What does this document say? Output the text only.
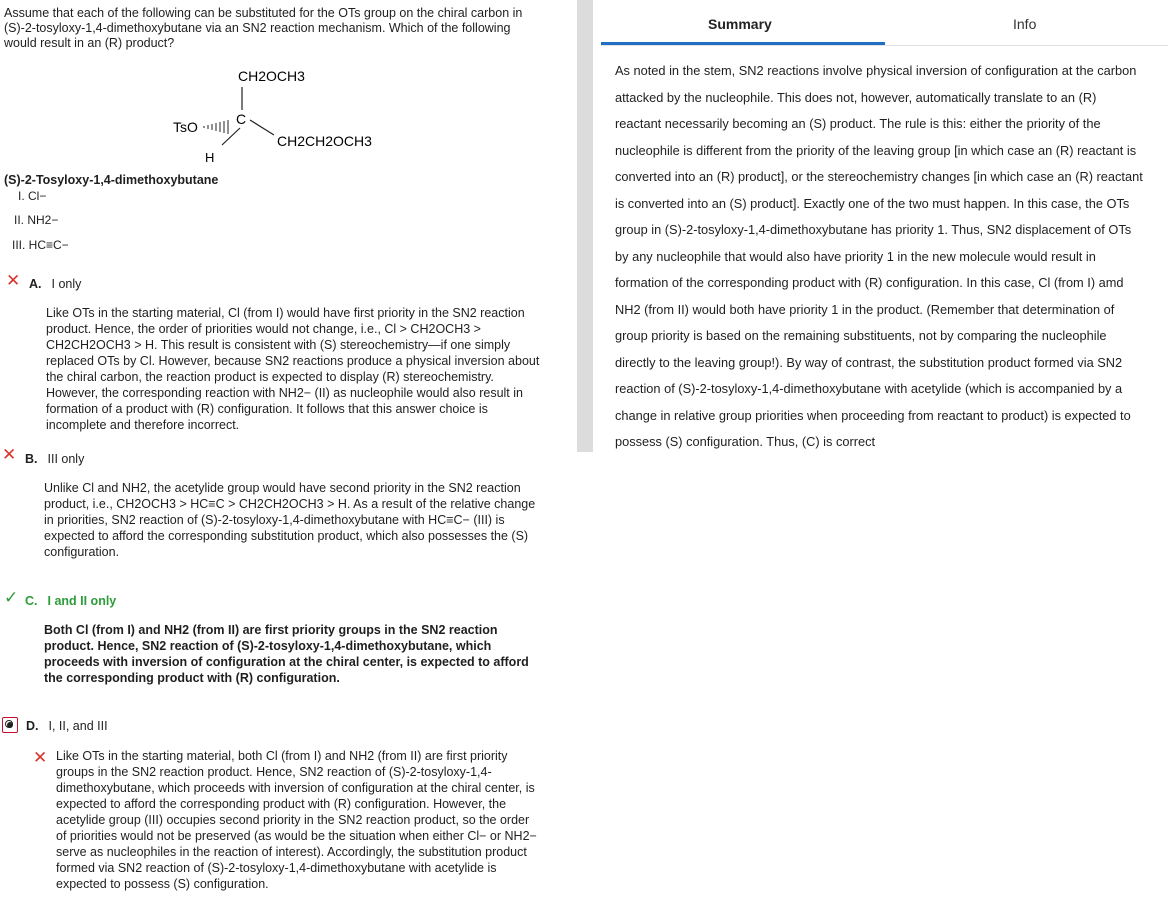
Assume that each of the following can be substituted for the OTs group on the chiral carbon in
(S)-2-tosyloxy-1,4-dimethoxybutane via an SN2 reaction mechanism. Which of the following
would result in an (R) product?
CH2OCH3
TsO	C
CH2CH2OCH3
H
(S)-2-Tosyloxy-1,4-dimethoxybutane
I. Cl−
II. NH2−
III. HC≡C−
✕ A. I only
Like OTs in the starting material, Cl (from I) would have first priority in the SN2 reaction
product. Hence, the order of priorities would not change, i.e., Cl > CH2OCH3 >
CH2CH2OCH3 > H. This result is consistent with (S) stereochemistry—if one simply
replaced OTs by Cl. However, because SN2 reactions produce a physical inversion about
the chiral carbon, the reaction product is expected to display (R) stereochemistry.
However, the corresponding reaction with NH2− (II) as nucleophile would also result in
formation of a product with (R) configuration. It follows that this answer choice is
incomplete and therefore incorrect.
✕ B. III only
Unlike Cl and NH2, the acetylide group would have second priority in the SN2 reaction
product, i.e., CH2OCH3 > HC≡C > CH2CH2OCH3 > H. As a result of the relative change
in priorities, SN2 reaction of (S)-2-tosyloxy-1,4-dimethoxybutane with HC≡C− (III) is
expected to afford the corresponding substitution product, which also possesses the (S)
configuration.
✓ C. I and II only
Both Cl (from I) and NH2 (from II) are first priority groups in the SN2 reaction
product. Hence, SN2 reaction of (S)-2-tosyloxy-1,4-dimethoxybutane, which
proceeds with inversion of configuration at the chiral center, is expected to afford
the corresponding product with (R) configuration.
D. I, II, and III
✕ Like OTs in the starting material, both Cl (from I) and NH2 (from II) are first priority
groups in the SN2 reaction product. Hence, SN2 reaction of (S)-2-tosyloxy-1,4-
dimethoxybutane, which proceeds with inversion of configuration at the chiral center, is
expected to afford the corresponding product with (R) configuration. However, the
acetylide group (III) occupies second priority in the SN2 reaction product, so the order
of priorities would not be preserved (as would be the situation when either Cl− or NH2−
serve as nucleophiles in the reaction of interest). Accordingly, the substitution product
formed via SN2 reaction of (S)-2-tosyloxy-1,4-dimethoxybutane with acetylide is
expected to possess (S) configuration.
Summary	Info
As noted in the stem, SN2 reactions involve physical inversion of configuration at the carbon
attacked by the nucleophile. This does not, however, automatically translate to an (R)
reactant necessarily becoming an (S) product. The rule is this: either the priority of the
nucleophile is different from the priority of the leaving group [in which case an (R) reactant is
converted into an (R) product], or the stereochemistry changes [in which case an (R) reactant
is converted into an (S) product]. Exactly one of the two must happen. In this case, the OTs
group in (S)-2-tosyloxy-1,4-dimethoxybutane has priority 1. Thus, SN2 displacement of OTs
by any nucleophile that would also have priority 1 in the new molecule would result in
formation of the corresponding product with (R) configuration. In this case, Cl (from I) amd
NH2 (from II) would both have priority 1 in the product. (Remember that determination of
group priority is based on the remaining substituents, not by comparing the nucleophile
directly to the leaving group!). By way of contrast, the substitution product formed via SN2
reaction of (S)-2-tosyloxy-1,4-dimethoxybutane with acetylide (which is accompanied by a
change in relative group priorities when proceeding from reactant to product) is expected to
possess (S) configuration. Thus, (C) is correct
